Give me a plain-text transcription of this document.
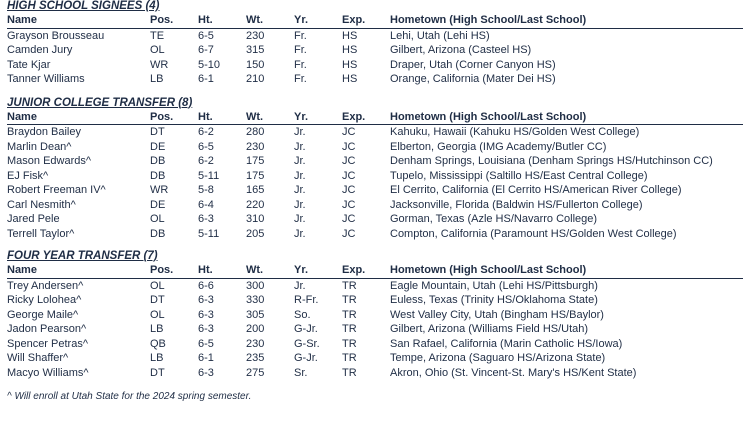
HIGH SCHOOL SIGNEES (4)
Name	Pos.	Ht.	Wt.	Yr.	Exp.	Hometown (High School/Last School)
Grayson Brousseau	TE	6-5	230	Fr.	HS	Lehi, Utah (Lehi HS)
Camden Jury	OL	6-7	315	Fr.	HS	Gilbert, Arizona (Casteel HS)
Tate Kjar	WR	5-10	150	Fr.	HS	Draper, Utah (Corner Canyon HS)
Tanner Williams	LB	6-1	210	Fr.	HS	Orange, California (Mater Dei HS)
JUNIOR COLLEGE TRANSFER (8)
Name	Pos.	Ht.	Wt.	Yr.	Exp.	Hometown (High School/Last School)
Braydon Bailey	DT	6-2	280	Jr.	JC	Kahuku, Hawaii (Kahuku HS/Golden West College)
Marlin Dean^	DE	6-5	230	Jr.	JC	Elberton, Georgia (IMG Academy/Butler CC)
Mason Edwards^	DB	6-2	175	Jr.	JC	Denham Springs, Louisiana (Denham Springs HS/Hutchinson CC)
EJ Fisk^	DB	5-11	175	Jr.	JC	Tupelo, Mississippi (Saltillo HS/East Central College)
Robert Freeman IV^	WR	5-8	165	Jr.	JC	El Cerrito, California (El Cerrito HS/American River College)
Carl Nesmith^	DE	6-4	220	Jr.	JC	Jacksonville, Florida (Baldwin HS/Fullerton College)
Jared Pele	OL	6-3	310	Jr.	JC	Gorman, Texas (Azle HS/Navarro College)
Terrell Taylor^	DB	5-11	205	Jr.	JC	Compton, California (Paramount HS/Golden West College)
FOUR YEAR TRANSFER (7)
Name	Pos.	Ht.	Wt.	Yr.	Exp.	Hometown (High School/Last School)
Trey Andersen^	OL	6-6	300	Jr.	TR	Eagle Mountain, Utah (Lehi HS/Pittsburgh)
Ricky Lolohea^	DT	6-3	330	R-Fr.	TR	Euless, Texas (Trinity HS/Oklahoma State)
George Maile^	OL	6-3	305	So.	TR	West Valley City, Utah (Bingham HS/Baylor)
Jadon Pearson^	LB	6-3	200	G-Jr.	TR	Gilbert, Arizona (Williams Field HS/Utah)
Spencer Petras^	QB	6-5	230	G-Sr.	TR	San Rafael, California (Marin Catholic HS/Iowa)
Will Shaffer^	LB	6-1	235	G-Jr.	TR	Tempe, Arizona (Saguaro HS/Arizona State)
Macyo Williams^	DT	6-3	275	Sr.	TR	Akron, Ohio (St. Vincent-St. Mary's HS/Kent State)
^ Will enroll at Utah State for the 2024 spring semester.
